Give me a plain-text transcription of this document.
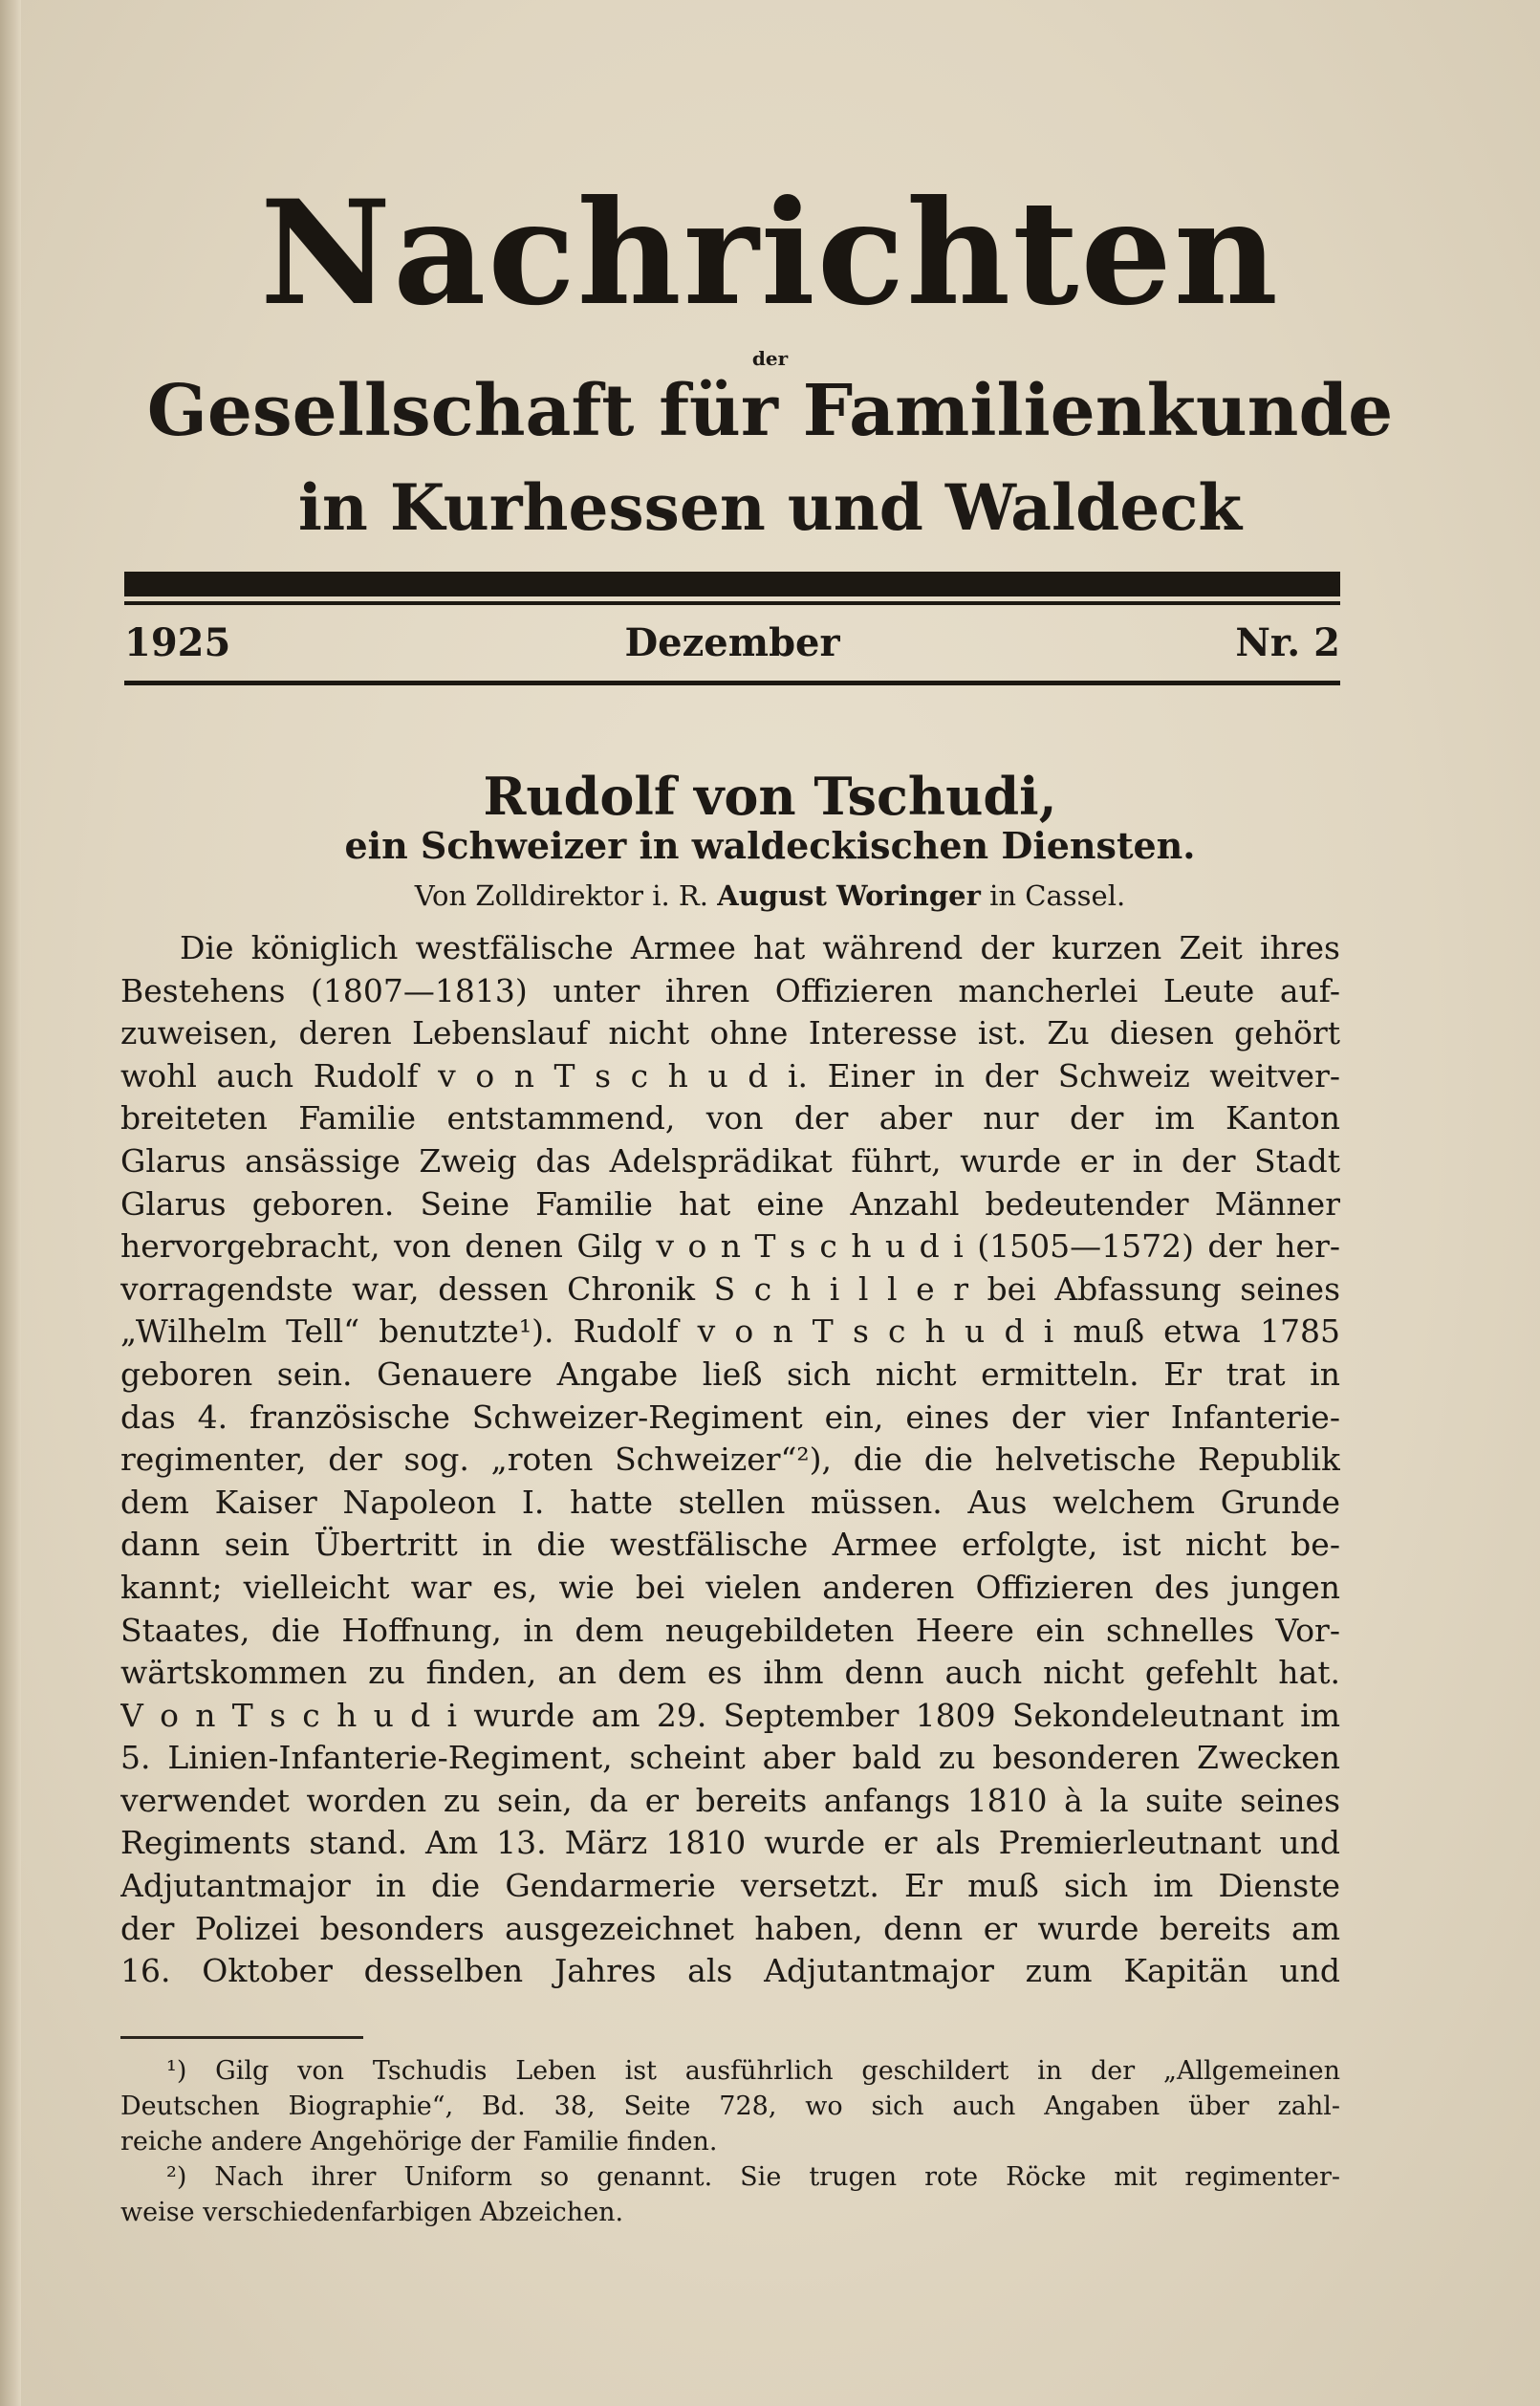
Nachrichten
der
Gesellschaft für Familienkunde
in Kurhessen und Waldeck
Dezember
1925	Nr. 2
Rudolf von Tschudi,
ein Schweizer in waldeckischen Diensten.
Von Zolldirektor i. R. August Woringer in Cassel.
Die königlich westfälische Armee hat während der kurzen Zeit ihres
Bestehens (1807—1813) unter ihren Offizieren mancherlei Leute auf-
zuweisen, deren Lebenslauf nicht ohne Interesse ist. Zu diesen gehört
wohl auch Rudolf v o n T s c h u d i. Einer in der Schweiz weitver-
breiteten Familie entstammend, von der aber nur der im Kanton
Glarus ansässige Zweig das Adelsprädikat führt, wurde er in der Stadt
Glarus geboren. Seine Familie hat eine Anzahl bedeutender Männer
hervorgebracht, von denen Gilg v o n T s c h u d i (1505—1572) der her-
vorragendste war, dessen Chronik S c h i l l e r bei Abfassung seines
„Wilhelm Tell“ benutzte¹). Rudolf v o n T s c h u d i muß etwa 1785
geboren sein. Genauere Angabe ließ sich nicht ermitteln. Er trat in
das 4. französische Schweizer-Regiment ein, eines der vier Infanterie-
regimenter, der sog. „roten Schweizer“²), die die helvetische Republik
dem Kaiser Napoleon I. hatte stellen müssen. Aus welchem Grunde
dann sein Übertritt in die westfälische Armee erfolgte, ist nicht be-
kannt; vielleicht war es, wie bei vielen anderen Offizieren des jungen
Staates, die Hoffnung, in dem neugebildeten Heere ein schnelles Vor-
wärtskommen zu finden, an dem es ihm denn auch nicht gefehlt hat.
V o n T s c h u d i wurde am 29. September 1809 Sekondeleutnant im
5. Linien-Infanterie-Regiment, scheint aber bald zu besonderen Zwecken
verwendet worden zu sein, da er bereits anfangs 1810 à la suite seines
Regiments stand. Am 13. März 1810 wurde er als Premierleutnant und
Adjutantmajor in die Gendarmerie versetzt. Er muß sich im Dienste
der Polizei besonders ausgezeichnet haben, denn er wurde bereits am
16. Oktober desselben Jahres als Adjutantmajor zum Kapitän und
¹) Gilg von Tschudis Leben ist ausführlich geschildert in der „Allgemeinen
Deutschen Biographie“, Bd. 38, Seite 728, wo sich auch Angaben über zahl-
reiche andere Angehörige der Familie finden.
²) Nach ihrer Uniform so genannt. Sie trugen rote Röcke mit regimenter-
weise verschiedenfarbigen Abzeichen.
